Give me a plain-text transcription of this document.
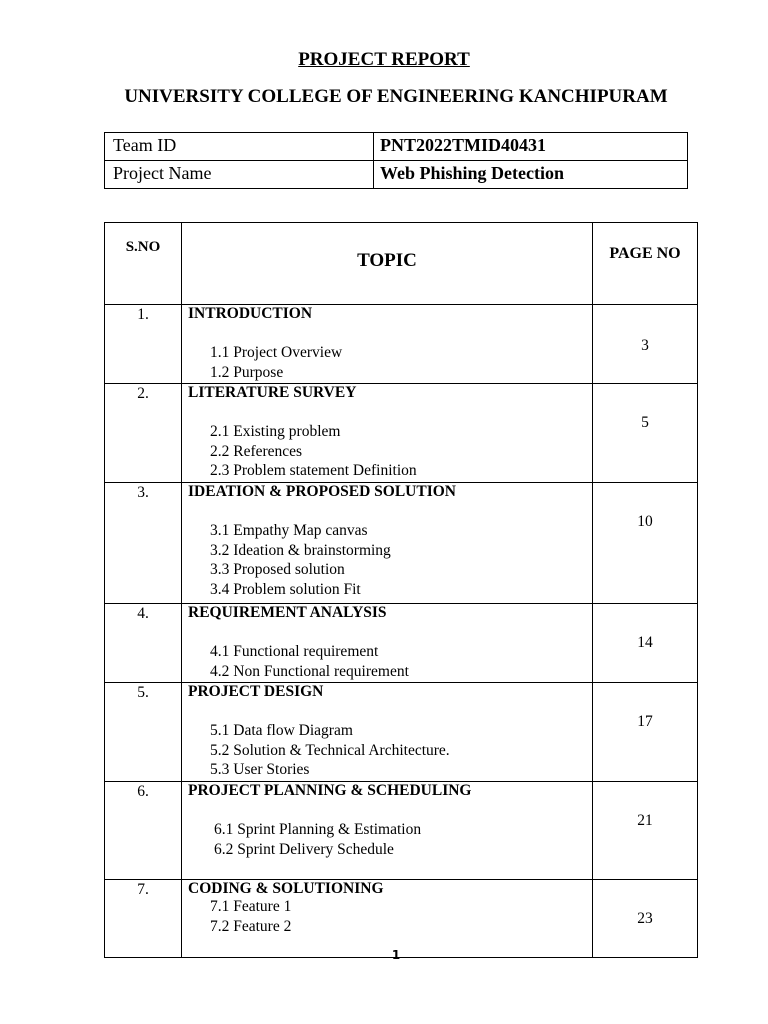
PROJECT REPORT
UNIVERSITY COLLEGE OF ENGINEERING KANCHIPURAM
Team ID	PNT2022TMID40431
Project Name	Web Phishing Detection
S.NO	TOPIC	PAGE NO
1.	INTRODUCTION
1.1 Project Overview
1.2 Purpose	3

2.	LITERATURE SURVEY
2.1 Existing problem
2.2 References
2.3 Problem statement Definition	5

3.	IDEATION & PROPOSED SOLUTION
3.1 Empathy Map canvas
3.2 Ideation & brainstorming
3.3 Proposed solution
3.4 Problem solution Fit	10

4.	REQUIREMENT ANALYSIS
4.1 Functional requirement
4.2 Non Functional requirement	14

5.	PROJECT DESIGN
5.1 Data flow Diagram
5.2 Solution & Technical Architecture.
5.3 User Stories	17

6.	PROJECT PLANNING & SCHEDULING
6.1 Sprint Planning & Estimation
6.2 Sprint Delivery Schedule	21

7.	CODING & SOLUTIONING
7.1 Feature 1
7.2 Feature 2	23
1
